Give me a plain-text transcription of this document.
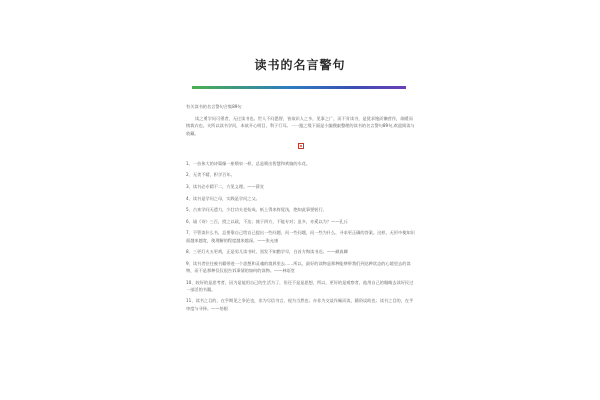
读书的名言警句

有关读书的名言警句合集89句

读之勇学问可勇者，无过读书也。世人不问愚智，皆欲识人之多，见事之广，而不肯读书，是犹求饱而懒营作，欲暖而惰裁衣也。夫所以读书学问，本欲开心明目，利于行耳。一一跟之缘下面是小编搜索整理的读书的名言警句89句,欢迎阅读与收藏。

1、一首伟大的诗篇像一座喷泉一样，总是喷出智慧和欢愉的水花。

2、无贪不精，积学百年。

3、读书必专精不二，方见义理。——薛宣

4、读书是学问之母，实践是学问之父。

5、古来学问无遗力，少壮功夫老始成。纸上得来终觉浅，绝知此事要躬行。

6、诵《诗》三百，授之以政，不达；使于四方，不能专对；虽多，亦奚以为？——孔丘

7、不管读什么书，总要靠自己给自己提出一些问题，问一些问题，问一些为什么，寻求更正确的答案。这样，无形中使知识面越来越宽，使理解的程度越来越深。——张允康

8、三更灯火五更鸡，正是男儿读书时。黑发不知勤学早，白首方悔读书迟。——颜真卿

9、读书者往往被书籍带进一个思想和灵魂的境界里去……所以，最好的读物是那种能够带我们到达种状态的心境里去的读物，而不是那种仅仅很告诉事情的如何的读物。——林语堂

10、较好的是思考者，因为是能用自己的生活为了，但还不是是思想，所以，更好的是观察者，他用自己的眼睛去读好民过一部活的书籍。

11、读书之目的，在乎期见之争论也，非为尽信书言，视为当然也；亦非为交谈作佩而读，籍资谈助也；读书之目的，在乎审度与寻择。——培根
